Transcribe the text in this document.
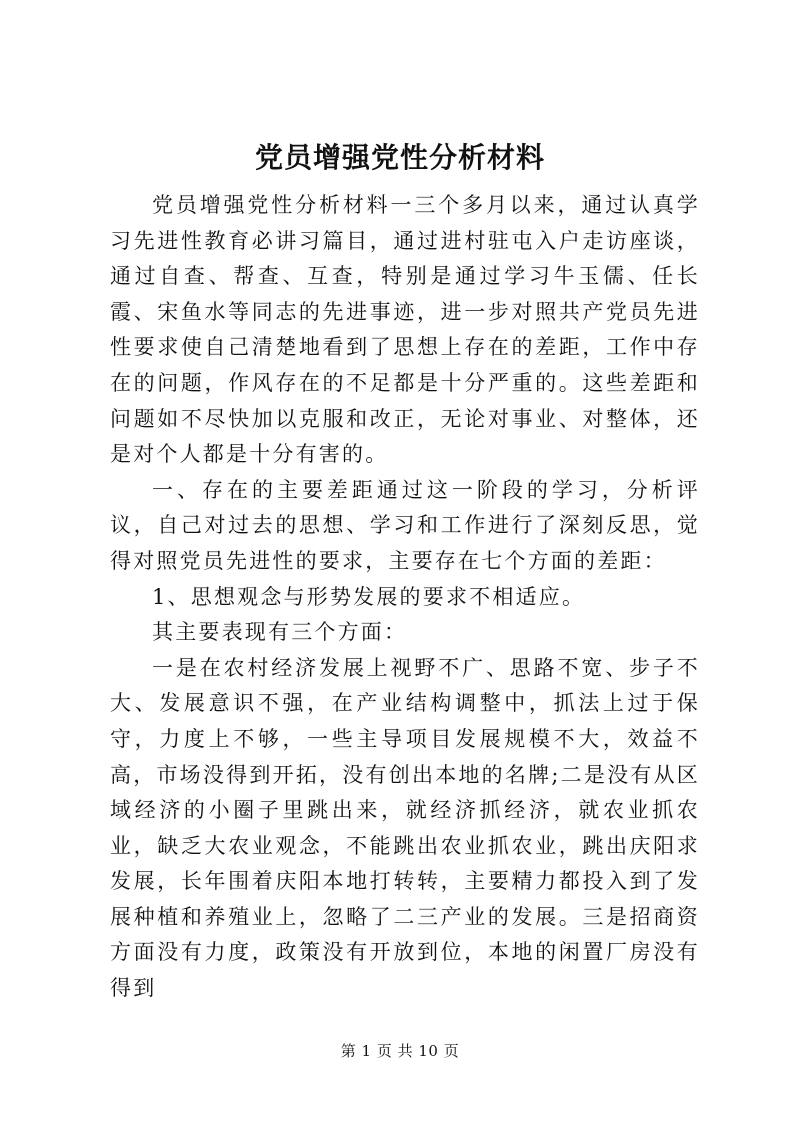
党员增强党性分析材料

党员增强党性分析材料一三个多月以来，通过认真学习先进性教育必讲习篇目，通过进村驻屯入户走访座谈，通过自查、帮查、互查，特别是通过学习牛玉儒、任长霞、宋鱼水等同志的先进事迹，进一步对照共产党员先进性要求使自己清楚地看到了思想上存在的差距，工作中存在的问题，作风存在的不足都是十分严重的。这些差距和问题如不尽快加以克服和改正，无论对事业、对整体，还是对个人都是十分有害的。

一、存在的主要差距通过这一阶段的学习，分析评议，自己对过去的思想、学习和工作进行了深刻反思，觉得对照党员先进性的要求，主要存在七个方面的差距：

1、思想观念与形势发展的要求不相适应。

其主要表现有三个方面：

一是在农村经济发展上视野不广、思路不宽、步子不大、发展意识不强，在产业结构调整中，抓法上过于保守，力度上不够，一些主导项目发展规模不大，效益不高，市场没得到开拓，没有创出本地的名牌;二是没有从区域经济的小圈子里跳出来，就经济抓经济，就农业抓农业，缺乏大农业观念，不能跳出农业抓农业，跳出庆阳求发展，长年围着庆阳本地打转转，主要精力都投入到了发展种植和养殖业上，忽略了二三产业的发展。三是招商资方面没有力度，政策没有开放到位，本地的闲置厂房没有得到

第 1 页 共 10 页
